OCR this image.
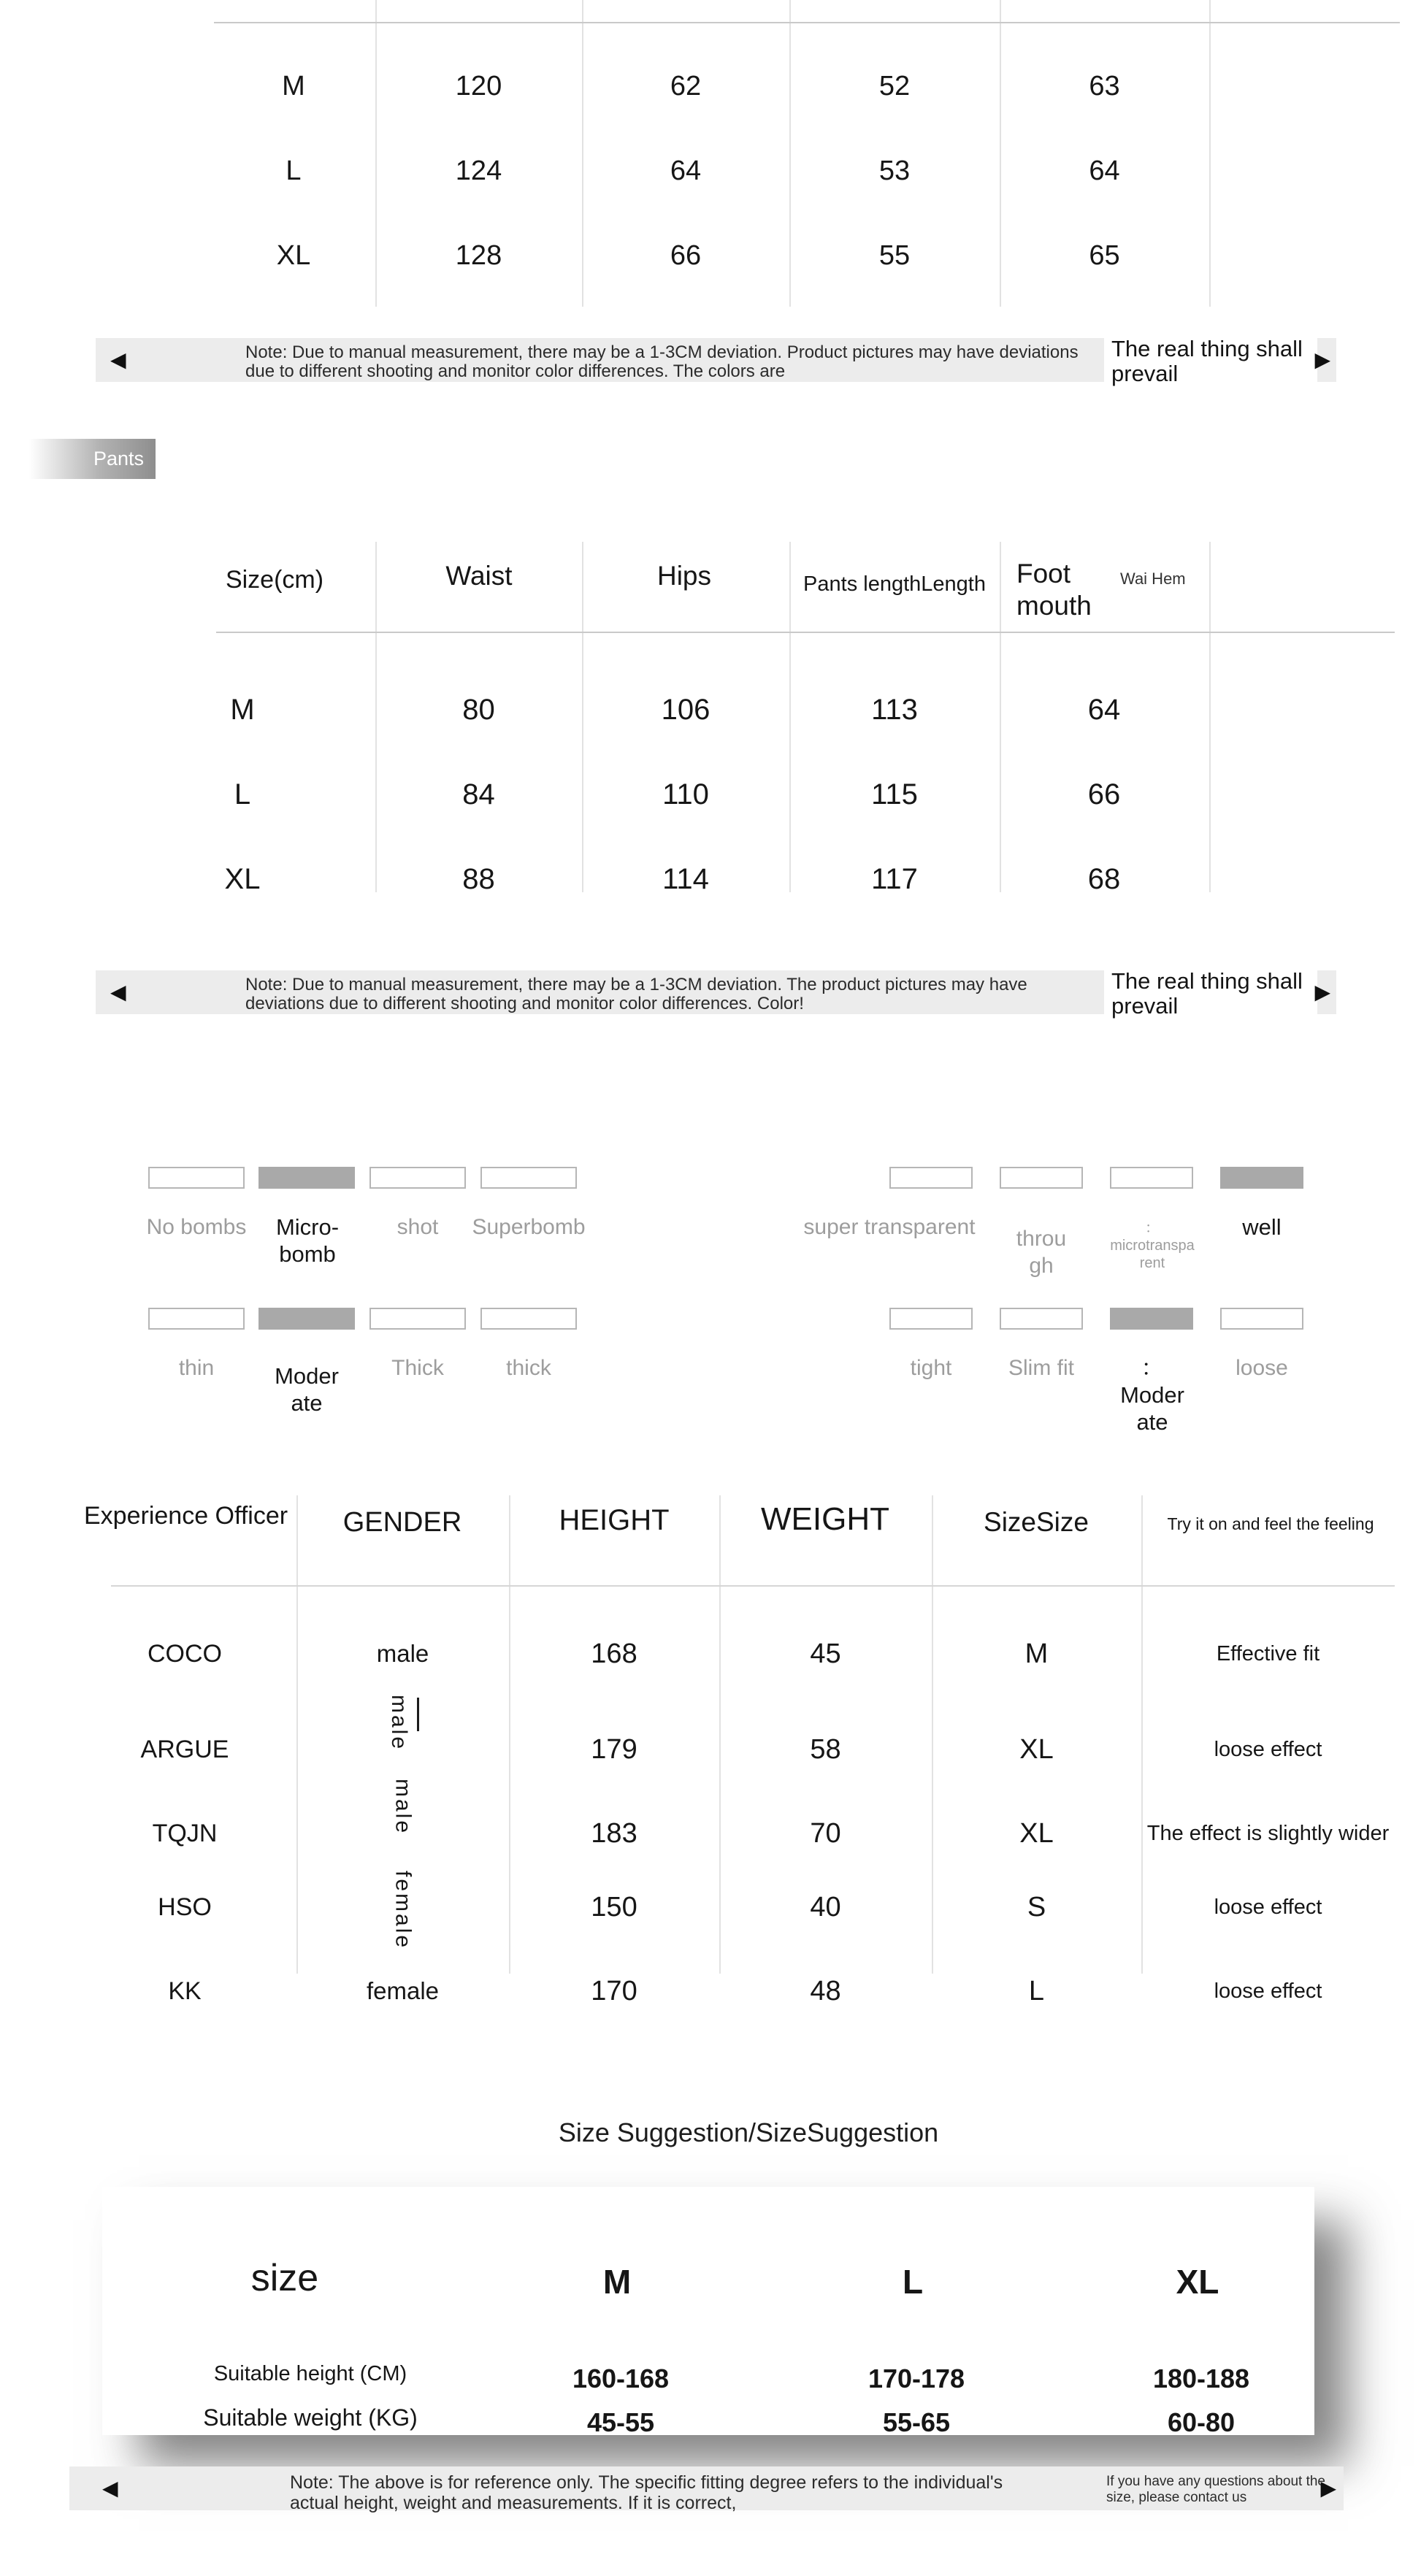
M	120	62	52	63
L	124	64	53	64
XL	128	66	55	65
◀	Note: Due to manual measurement, there may be a 1-3CM deviation. Product pictures may have deviations due to different shooting and monitor color differences. The colors are
The real thing shall prevail
▶
Pants
Size(cm)	Waist	Hips	Pants lengthLength	Foot mouth
Wai Hem
M	80	106	113	64
L	84	110	115	66
XL	88	114	117	68
◀	Note: Due to manual measurement, there may be a 1-3CM deviation. The product pictures may have deviations due to different shooting and monitor color differences. Color!
The real thing shall prevail
▶
No bombs	Micro-bomb
shot	Superbomb	super transparent	through
：microtransparent
well
thin	Moderate
Thick	thick	tight	Slim fit	：Moderate
loose
Experience Officer	GENDER	HEIGHT	WEIGHT	SizeSize	Try it on and feel the feeling
COCO	male	168	45	M	Effective fit
ARGUE	male	179	58	XL	loose effect
TQJN	male	183	70	XL	The effect is slightly wider
HSO	female	150	40	S	loose effect
KK	female	170	48	L	loose effect
Size Suggestion/SizeSuggestion
size	M	L	XL
Suitable height (CM)	160-168	170-178	180-188
Suitable weight (KG)	45-55	55-65	60-80
◀	Note: The above is for reference only. The specific fitting degree refers to the individual's actual height, weight and measurements. If it is correct,
If you have any questions about the size, please contact us	▶
